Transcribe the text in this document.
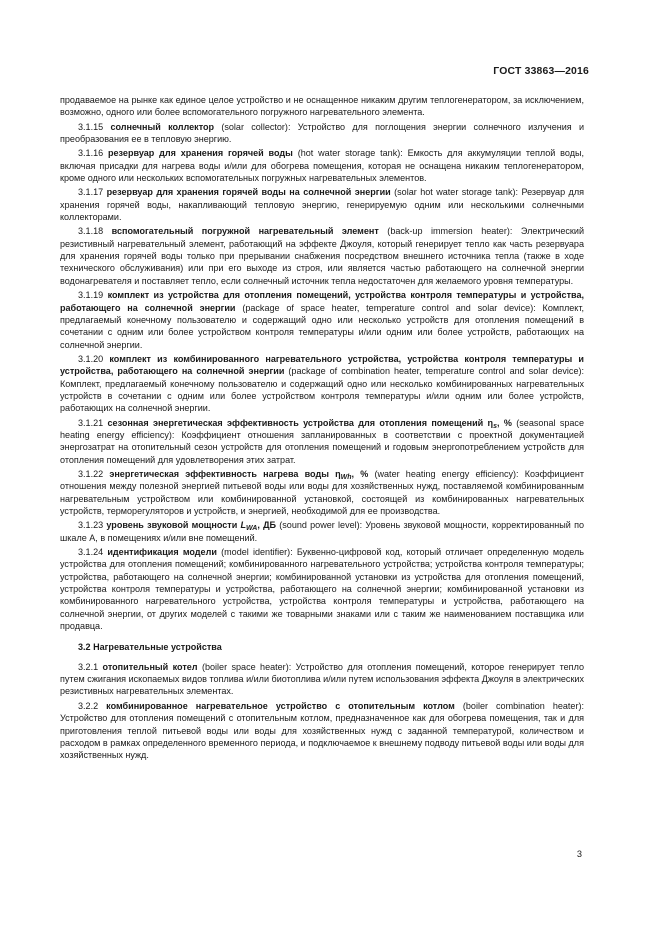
ГОСТ 33863—2016

продаваемое на рынке как единое целое устройство и не оснащенное никаким другим теплогенератором, за исключением, возможно, одного или более вспомогательного погружного нагревательного элемента.

3.1.15 солнечный коллектор (solar collector): Устройство для поглощения энергии солнечного излучения и преобразования ее в тепловую энергию.

3.1.16 резервуар для хранения горячей воды (hot water storage tank): Емкость для аккумуляции теплой воды, включая присадки для нагрева воды и/или для обогрева помещения, которая не оснащена никаким теплогенератором, кроме одного или нескольких вспомогательных погружных нагревательных элементов.

3.1.17 резервуар для хранения горячей воды на солнечной энергии (solar hot water storage tank): Резервуар для хранения горячей воды, накапливающий тепловую энергию, генерируемую одним или несколькими солнечными коллекторами.

3.1.18 вспомогательный погружной нагревательный элемент (back-up immersion heater): Электрический резистивный нагревательный элемент, работающий на эффекте Джоуля, который генерирует тепло как часть резервуара для хранения горячей воды только при прерывании снабжения посредством внешнего источника тепла (также в ходе технического обслуживания) или при его выходе из строя, или является частью работающего на солнечной энергии водонагревателя и поставляет тепло, если солнечный источник тепла недостаточен для желаемого уровня температуры.

3.1.19 комплект из устройства для отопления помещений, устройства контроля температуры и устройства, работающего на солнечной энергии (package of space heater, temperature control and solar device): Комплект, предлагаемый конечному пользователю и содержащий одно или несколько устройств для отопления помещений в сочетании с одним или более устройством контроля температуры и/или одним или более устройств, работающих на солнечной энергии.

3.1.20 комплект из комбинированного нагревательного устройства, устройства контроля температуры и устройства, работающего на солнечной энергии (package of combination heater, temperature control and solar device): Комплект, предлагаемый конечному пользователю и содержащий одно или несколько комбинированных нагревательных устройств в сочетании с одним или более устройством контроля температуры и/или одним или более устройств, работающих на солнечной энергии.

3.1.21 сезонная энергетическая эффективность устройства для отопления помещений $\eta_s$, % (seasonal space heating energy efficiency): Коэффициент отношения запланированных в соответствии с проектной документацией энергозатрат на отопительный сезон устройств для отопления помещений и годовым энергопотреблением устройств для отопления помещений для удовлетворения этих затрат.

3.1.22 энергетическая эффективность нагрева воды $\eta_{Wh}$, % (water heating energy efficiency): Коэффициент отношения между полезной энергией питьевой воды или воды для хозяйственных нужд, поставляемой комбинированным нагревательным устройством или комбинированной установкой, состоящей из комбинированных нагревательных устройств, терморегуляторов и устройств, и энергией, необходимой для ее производства.

3.1.23 уровень звуковой мощности $L_{WA}$, ДБ (sound power level): Уровень звуковой мощности, корректированный по шкале А, в помещениях и/или вне помещений.

3.1.24 идентификация модели (model identifier): Буквенно-цифровой код, который отличает определенную модель устройства для отопления помещений; комбинированного нагревательного устройства; устройства контроля температуры; устройства, работающего на солнечной энергии; комбинированной установки из устройства для отопления помещений, устройства контроля температуры и устройства, работающего на солнечной энергии; комбинированной установки из комбинированного нагревательного устройства, устройства контроля температуры и устройства, работающего на солнечной энергии, от других моделей с такими же товарными знаками или с таким же наименованием поставщика или продавца.

3.2 Нагревательные устройства

3.2.1 отопительный котел (boiler space heater): Устройство для отопления помещений, которое генерирует тепло путем сжигания ископаемых видов топлива и/или биотоплива и/или путем использования эффекта Джоуля в электрических резистивных нагревательных элементах.

3.2.2 комбинированное нагревательное устройство с отопительным котлом (boiler combination heater): Устройство для отопления помещений с отопительным котлом, предназначенное как для обогрева помещения, так и для приготовления теплой питьевой воды или воды для хозяйственных нужд с заданной температурой, количеством и расходом в рамках определенного временного периода, и подключаемое к внешнему подводу питьевой воды или воды для хозяйственных нужд.

3
